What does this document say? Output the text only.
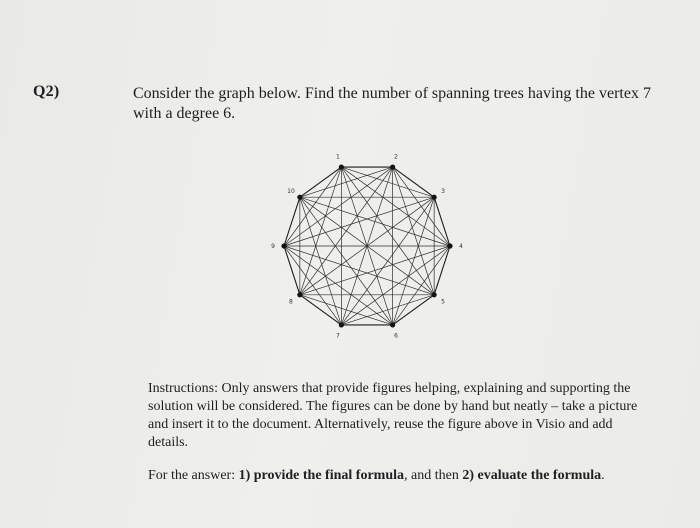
Q2)	Consider the graph below. Find the number of spanning trees having the vertex 7
with a degree 6.
1	2
3
4
5
6
7
8
9
10
Instructions: Only answers that provide figures helping, explaining and supporting the solution will be considered. The figures can be done by hand but neatly – take a picture and insert it to the document. Alternatively, reuse the figure above in Visio and add details.
For the answer: 1) provide the final formula, and then 2) evaluate the formula.
